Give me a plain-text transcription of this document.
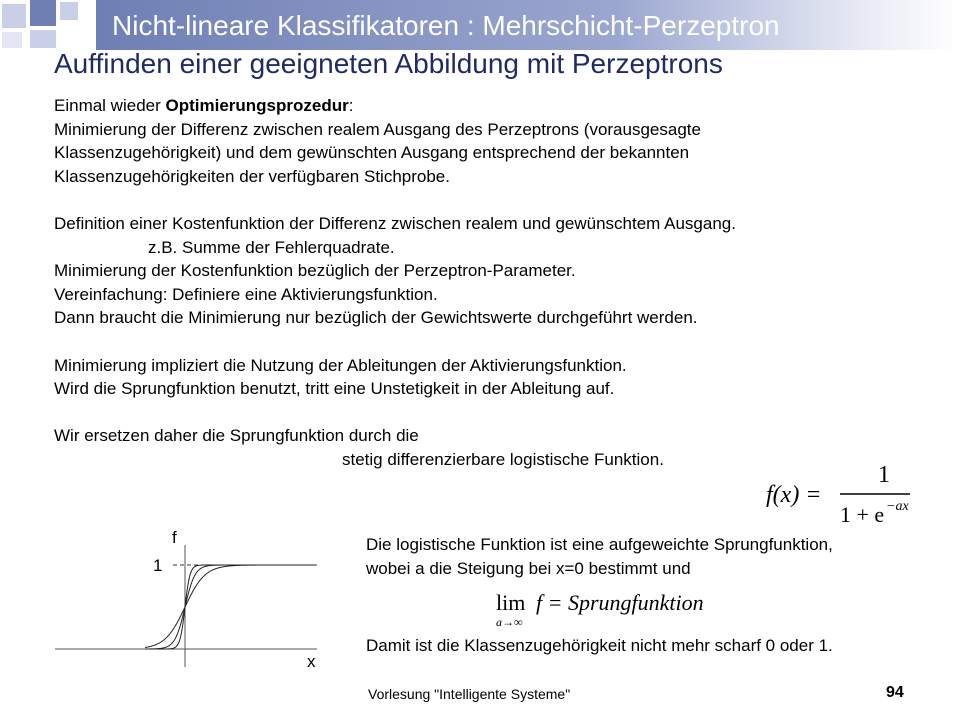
Nicht-lineare Klassifikatoren : Mehrschicht-Perzeptron
Auffinden einer geeigneten Abbildung mit Perzeptrons

Einmal wieder Optimierungsprozedur:

Minimierung der Differenz zwischen realem Ausgang des Perzeptrons (vorausgesagte

Klassenzugehörigkeit) und dem gewünschten Ausgang entsprechend der bekannten

Klassenzugehörigkeiten der verfügbaren Stichprobe.

Definition einer Kostenfunktion der Differenz zwischen realem und gewünschtem Ausgang.

z.B. Summe der Fehlerquadrate.

Minimierung der Kostenfunktion bezüglich der Perzeptron-Parameter.

Vereinfachung: Definiere eine Aktivierungsfunktion.

Dann braucht die Minimierung nur bezüglich der Gewichtswerte durchgeführt werden.

Minimierung impliziert die Nutzung der Ableitungen der Aktivierungsfunktion.

Wird die Sprungfunktion benutzt, tritt eine Unstetigkeit in der Ableitung auf.

Wir ersetzen daher die Sprungfunktion durch die

stetig differenzierbare logistische Funktion.

f(x) =
1
1 + e −ax
f
1
x

Die logistische Funktion ist eine aufgeweichte Sprungfunktion,

wobei a die Steigung bei x=0 bestimmt und

lim
a→∞
f = Sprungfunktion
Damit ist die Klassenzugehörigkeit nicht mehr scharf 0 oder 1.
Vorlesung "Intelligente Systeme"	94
